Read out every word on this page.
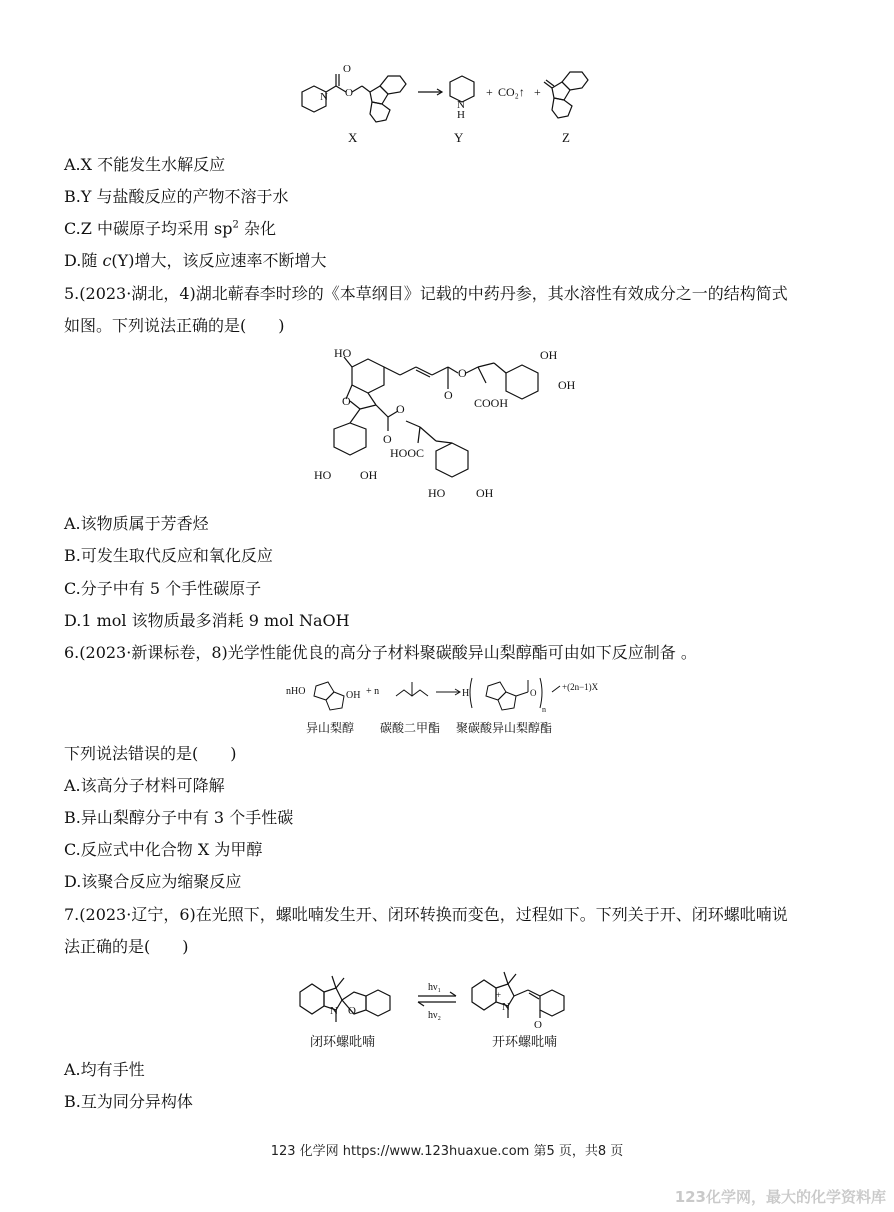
N
O
O
N
H
+ CO₂↑ +
X	Y	Z
A.X 不能发生水解反应
B.Y 与盐酸反应的产物不溶于水
C.Z 中碳原子均采用 $sp^2$ 杂化
D.随 c(Y)增大，该反应速率不断增大
5.(2023·湖北，4)湖北蕲春李时珍的《本草纲目》记载的中药丹参，其水溶性有效成分之一的结构简式
如图。下列说法正确的是(　　)
HO	OH
OH
COOH
HOOC
HO OH
HO	OH
O	O
O
O
O
A.该物质属于芳香烃
B.可发生取代反应和氧化反应
C.分子中有 5 个手性碳原子
D.1 mol 该物质最多消耗 9 mol NaOH
6.(2023·新课标卷，8)光学性能优良的高分子材料聚碳酸异山梨醇酯可由如下反应制备 。
nHO	OH + n	H	O
n
+(2n−1)X
异山梨醇 碳酸二甲酯 聚碳酸异山梨醇酯
下列说法错误的是(　　)
A.该高分子材料可降解
B.异山梨醇分子中有 3 个手性碳
C.反应式中化合物 X 为甲醇
D.该聚合反应为缩聚反应
7.(2023·辽宁，6)在光照下，螺吡喃发生开、闭环转换而变色，过程如下。下列关于开、闭环螺吡喃说
法正确的是(　　)
N O	N
+
O
hν₁
hν₂
闭环螺吡喃	开环螺吡喃
A.均有手性
B.互为同分异构体
123 化学网 https://www.123huaxue.com 第5 页，共8 页
123化学网，最大的化学资料库
